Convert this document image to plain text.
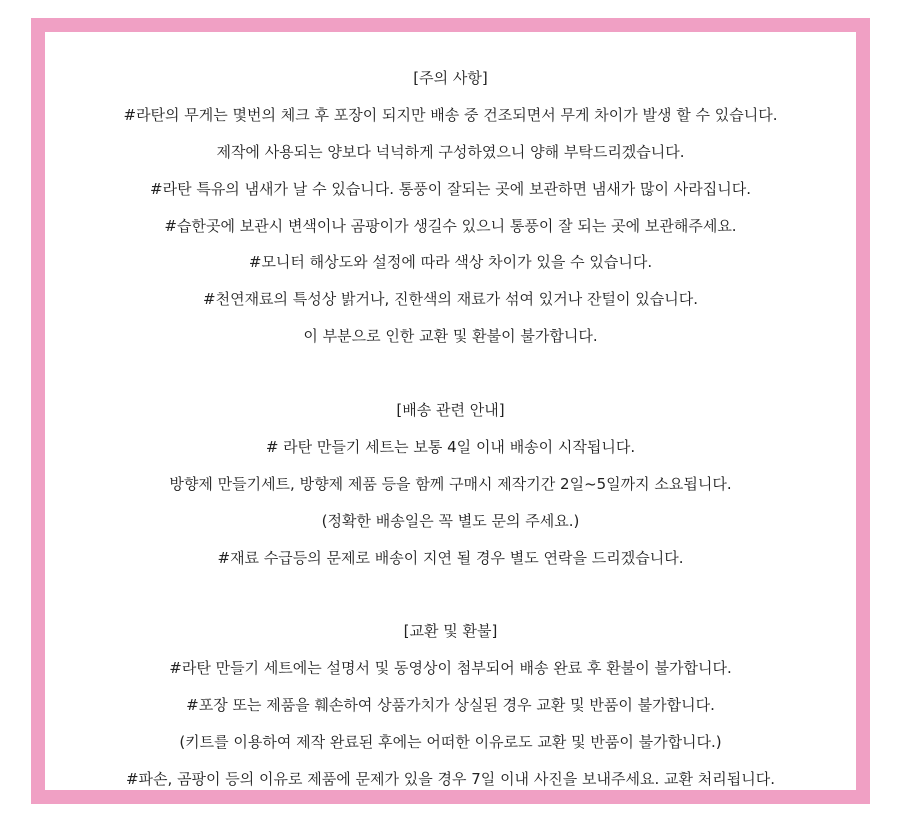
[주의 사항]
#라탄의 무게는 몇번의 체크 후 포장이 되지만 배송 중 건조되면서 무게 차이가 발생 할 수 있습니다.
제작에 사용되는 양보다 넉넉하게 구성하였으니 양해 부탁드리겠습니다.
#라탄 특유의 냄새가 날 수 있습니다. 통풍이 잘되는 곳에 보관하면 냄새가 많이 사라집니다.
#습한곳에 보관시 변색이나 곰팡이가 생길수 있으니 통풍이 잘 되는 곳에 보관해주세요.
#모니터 해상도와 설정에 따라 색상 차이가 있을 수 있습니다.
#천연재료의 특성상 밝거나, 진한색의 재료가 섞여 있거나 잔털이 있습니다.
이 부분으로 인한 교환 및 환불이 불가합니다.
[배송 관련 안내]
# 라탄 만들기 세트는 보통 4일 이내 배송이 시작됩니다.
방향제 만들기세트, 방향제 제품 등을 함께 구매시 제작기간 2일~5일까지 소요됩니다.
(정확한 배송일은 꼭 별도 문의 주세요.)
#재료 수급등의 문제로 배송이 지연 될 경우 별도 연락을 드리겠습니다.
[교환 및 환불]
#라탄 만들기 세트에는 설명서 및 동영상이 첨부되어 배송 완료 후 환불이 불가합니다.
#포장 또는 제품을 훼손하여 상품가치가 상실된 경우 교환 및 반품이 불가합니다.
(키트를 이용하여 제작 완료된 후에는 어떠한 이유로도 교환 및 반품이 불가합니다.)
#파손, 곰팡이 등의 이유로 제품에 문제가 있을 경우 7일 이내 사진을 보내주세요. 교환 처리됩니다.
